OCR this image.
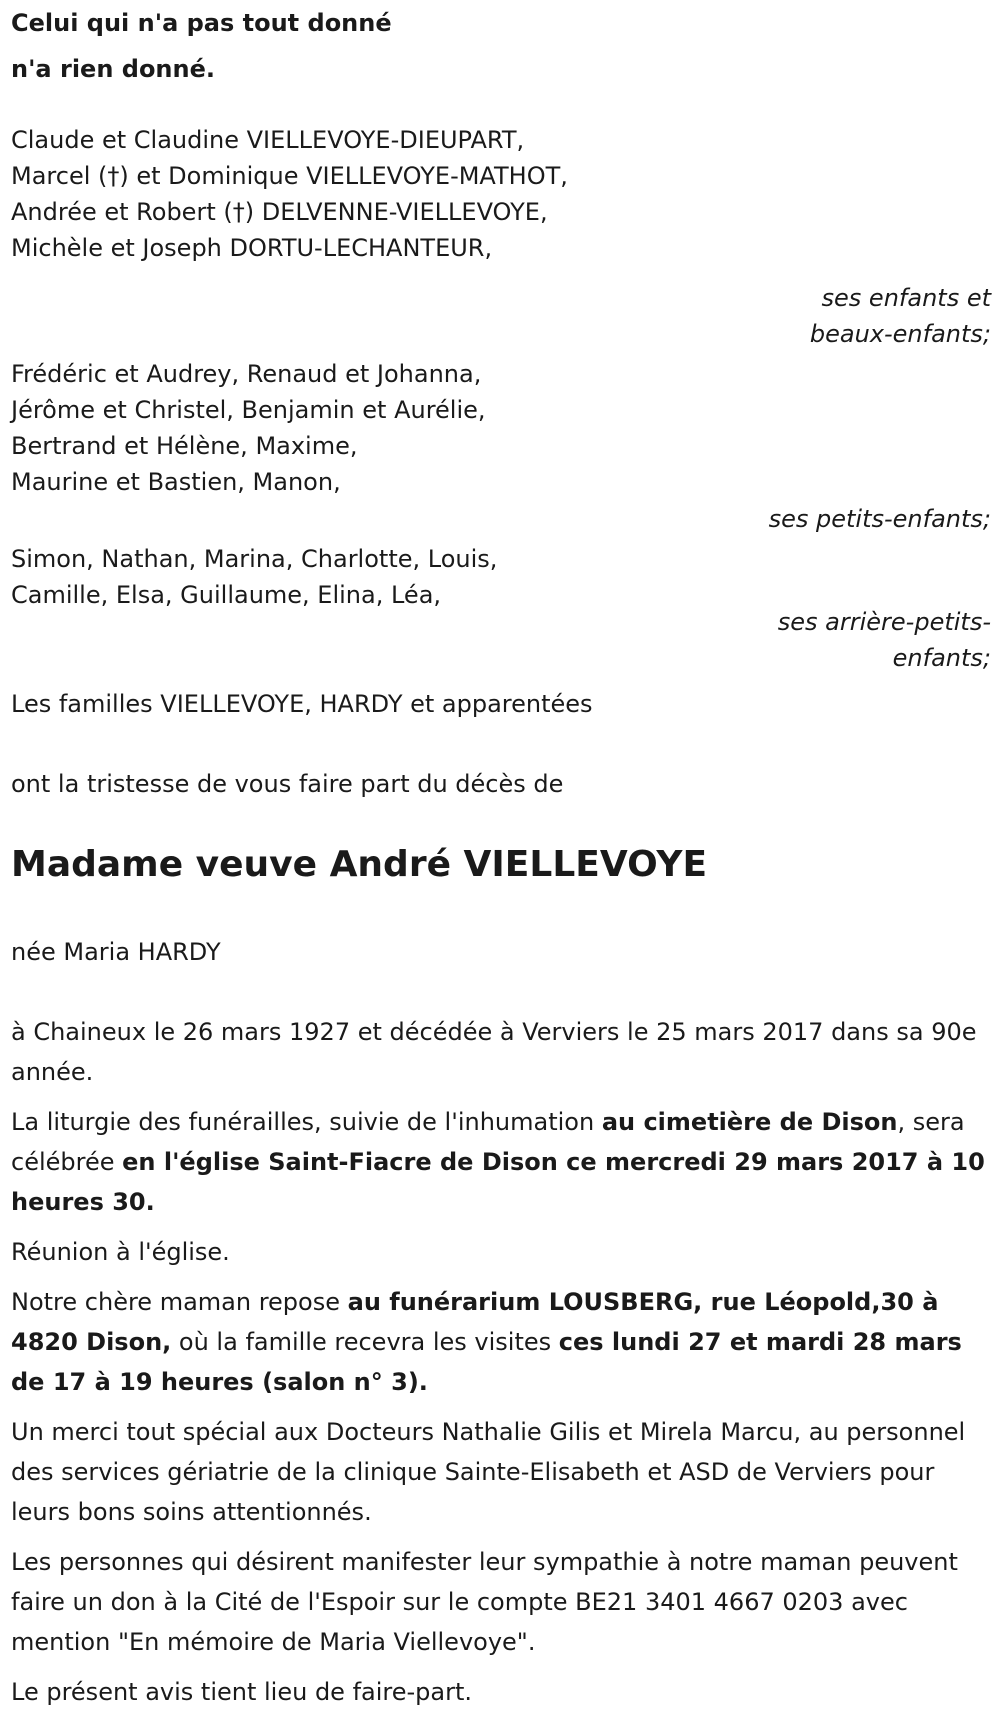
Celui qui n'a pas tout donné
n'a rien donné.
Claude et Claudine VIELLEVOYE-DIEUPART,
Marcel (†) et Dominique VIELLEVOYE-MATHOT,
Andrée et Robert (†) DELVENNE-VIELLEVOYE,
Michèle et Joseph DORTU-LECHANTEUR,
ses enfants et
beaux-enfants;
Frédéric et Audrey, Renaud et Johanna,
Jérôme et Christel, Benjamin et Aurélie,
Bertrand et Hélène, Maxime,
Maurine et Bastien, Manon,
ses petits-enfants;
Simon, Nathan, Marina, Charlotte, Louis,
Camille, Elsa, Guillaume, Elina, Léa,
ses arrière-petits-
enfants;
Les familles VIELLEVOYE, HARDY et apparentées
ont la tristesse de vous faire part du décès de
Madame veuve André VIELLEVOYE
née Maria HARDY
à Chaineux le 26 mars 1927 et décédée à Verviers le 25 mars 2017 dans sa 90e année.
La liturgie des funérailles, suivie de l'inhumation au cimetière de Dison, sera célébrée en l'église Saint-Fiacre de Dison ce mercredi 29 mars 2017 à 10 heures 30.
Réunion à l'église.
Notre chère maman repose au funérarium LOUSBERG, rue Léopold,30 à 4820 Dison, où la famille recevra les visites ces lundi 27 et mardi 28 mars de 17 à 19 heures (salon n° 3).
Un merci tout spécial aux Docteurs Nathalie Gilis et Mirela Marcu, au personnel des services gériatrie de la clinique Sainte-Elisabeth et ASD de Verviers pour leurs bons soins attentionnés.
Les personnes qui désirent manifester leur sympathie à notre maman peuvent faire un don à la Cité de l'Espoir sur le compte BE21 3401 4667 0203 avec mention "En mémoire de Maria Viellevoye".
Le présent avis tient lieu de faire-part.
